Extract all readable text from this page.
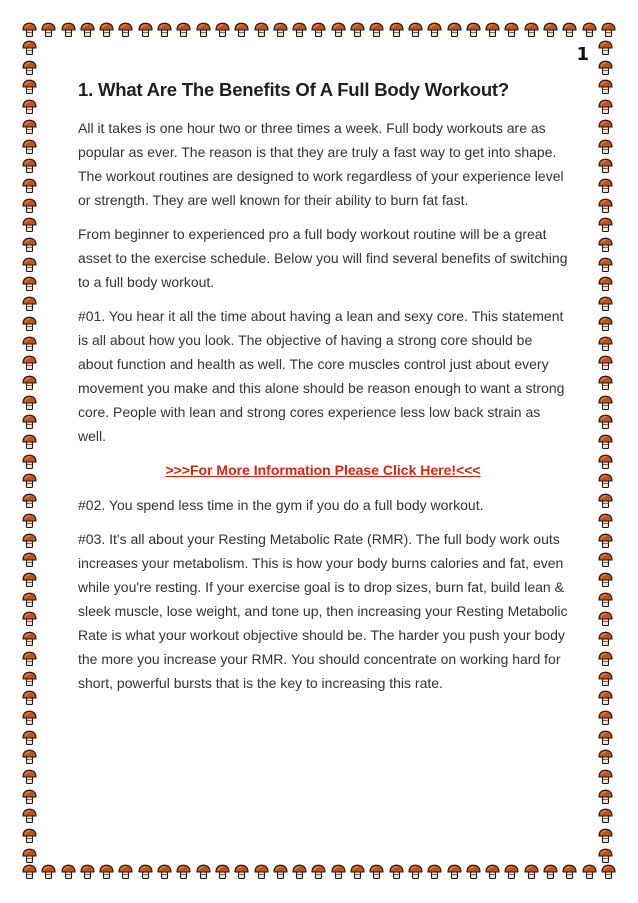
1
1. What Are The Benefits Of A Full Body Workout?

All it takes is one hour two or three times a week. Full body workouts are as popular as ever. The reason is that they are truly a fast way to get into shape. The workout routines are designed to work regardless of your experience level or strength. They are well known for their ability to burn fat fast.

From beginner to experienced pro a full body workout routine will be a great asset to the exercise schedule. Below you will find several benefits of switching to a full body workout.

#01. You hear it all the time about having a lean and sexy core. This statement is all about how you look. The objective of having a strong core should be about function and health as well. The core muscles control just about every movement you make and this alone should be reason enough to want a strong core. People with lean and strong cores experience less low back strain as well.

>>>For More Information Please Click Here!<<<

#02. You spend less time in the gym if you do a full body workout.

#03. It's all about your Resting Metabolic Rate (RMR). The full body work outs increases your metabolism. This is how your body burns calories and fat, even while you're resting. If your exercise goal is to drop sizes, burn fat, build lean & sleek muscle, lose weight, and tone up, then increasing your Resting Metabolic Rate is what your workout objective should be. The harder you push your body the more you increase your RMR. You should concentrate on working hard for short, powerful bursts that is the key to increasing this rate.
